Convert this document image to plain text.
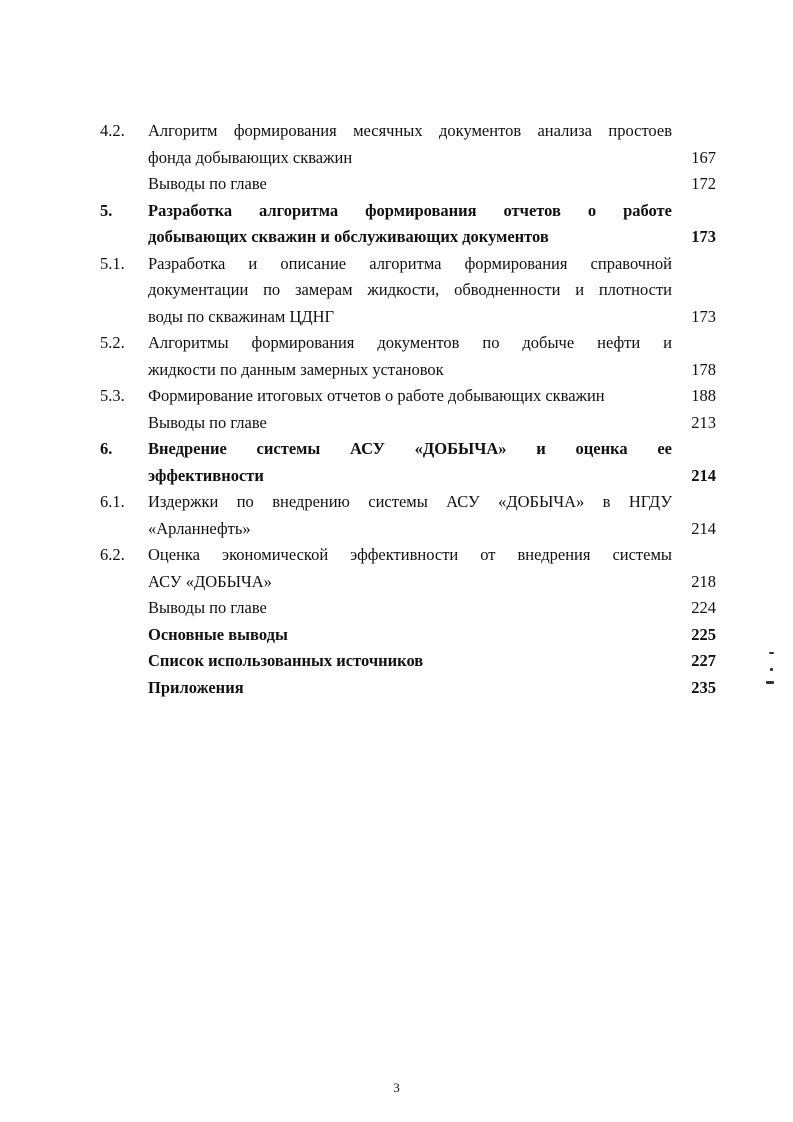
4.2.	Алгоритм формирования месячных документов анализа простоев
фонда добывающих скважин	167
Выводы по главе	172
5.	Разработка алгоритма формирования отчетов о работе
добывающих скважин и обслуживающих документов	173
5.1.	Разработка и описание алгоритма формирования справочной
документации по замерам жидкости, обводненности и плотности
воды по скважинам ЦДНГ	173
5.2.	Алгоритмы формирования документов по добыче нефти и
жидкости по данным замерных установок	178
5.3.	Формирование итоговых отчетов о работе добывающих скважин	188
Выводы по главе	213
6.	Внедрение системы АСУ «ДОБЫЧА» и оценка ее
эффективности	214
6.1.	Издержки по внедрению системы АСУ «ДОБЫЧА» в НГДУ
«Арланнефть»	214
6.2.	Оценка экономической эффективности от внедрения системы
АСУ «ДОБЫЧА»	218
Выводы по главе	224
Основные выводы	225
Список использованных источников	227
Приложения	235
3
